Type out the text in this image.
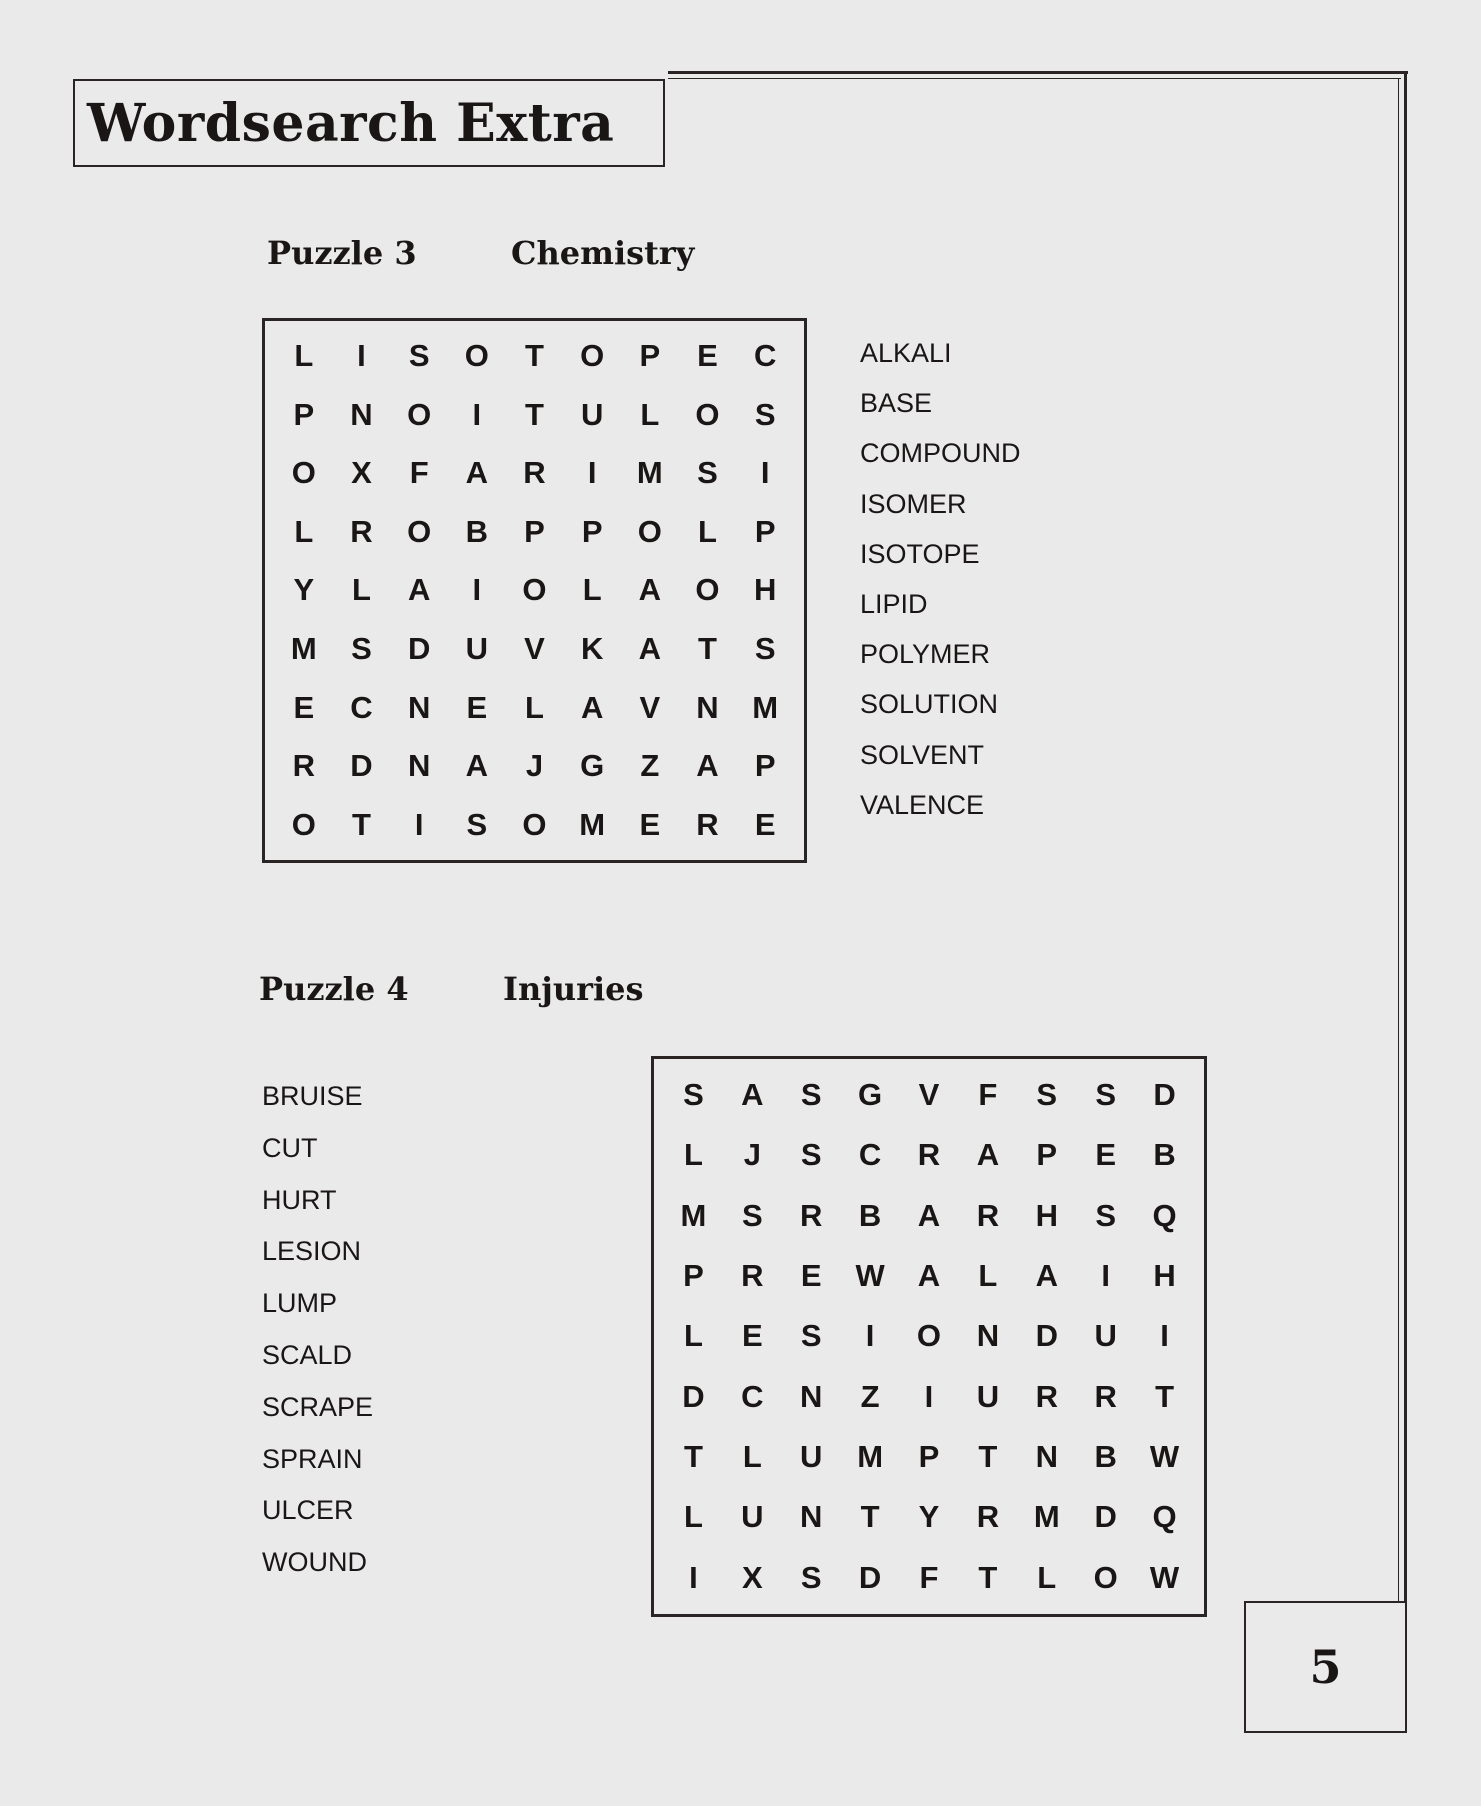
Wordsearch Extra
Puzzle 3	Chemistry
L	I	S	O	T	O	P	E	C
P	N	O	I	T	U	L	O	S
O	X	F	A	R	I	M	S	I
L	R	O	B	P	P	O	L	P
Y	L	A	I	O	L	A	O	H
M	S	D	U	V	K	A	T	S
E	C	N	E	L	A	V	N	M
R	D	N	A	J	G	Z	A	P
O	T	I	S	O	M	E	R	E
ALKALI
BASE
COMPOUND
ISOMER
ISOTOPE
LIPID
POLYMER
SOLUTION
SOLVENT
VALENCE
Puzzle 4	Injuries
S	A	S	G	V	F	S	S	D
L	J	S	C	R	A	P	E	B
M	S	R	B	A	R	H	S	Q
P	R	E	W	A	L	A	I	H
L	E	S	I	O	N	D	U	I
D	C	N	Z	I	U	R	R	T
T	L	U	M	P	T	N	B	W
L	U	N	T	Y	R	M	D	Q
I	X	S	D	F	T	L	O	W
BRUISE
CUT
HURT
LESION
LUMP
SCALD
SCRAPE
SPRAIN
ULCER
WOUND
5
